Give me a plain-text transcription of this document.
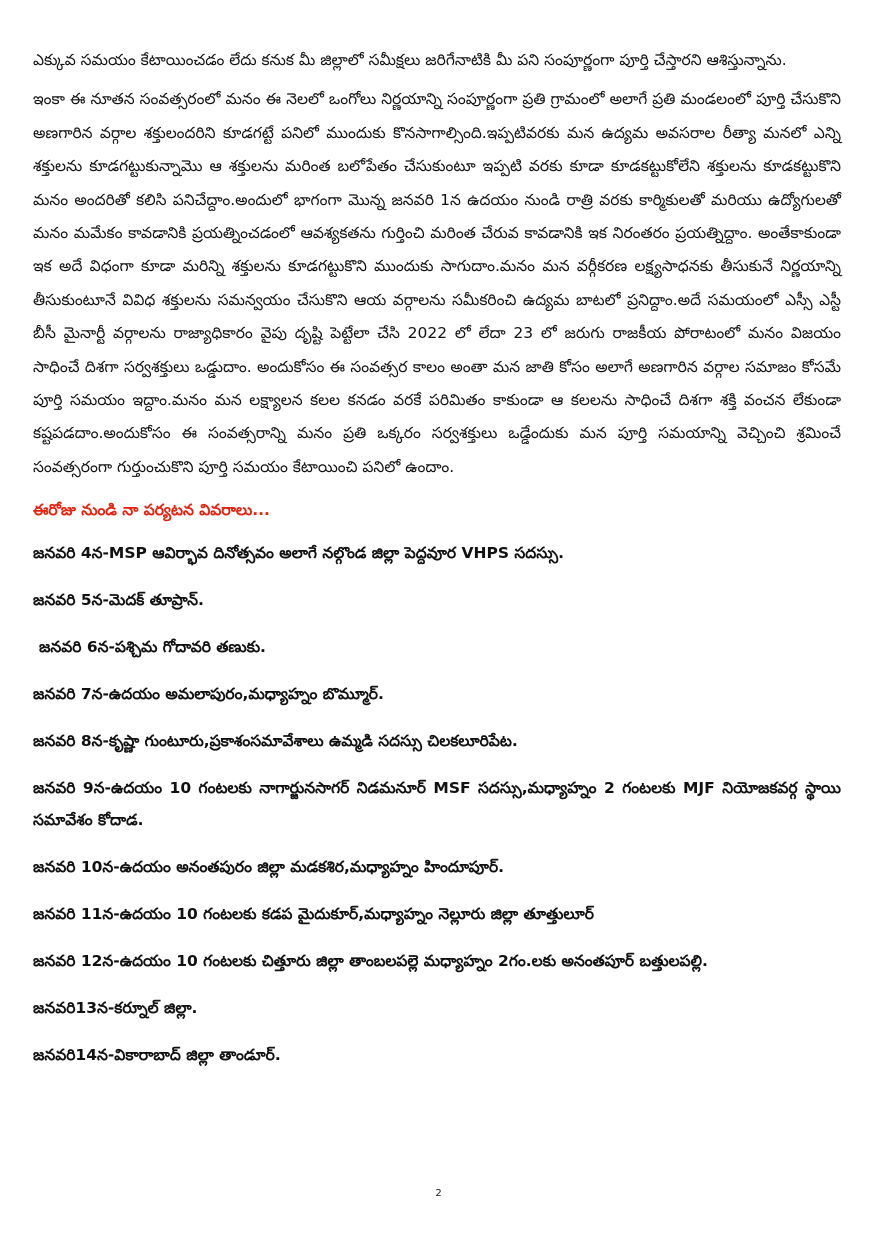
ఎక్కువ సమయం కేటాయించడం లేదు కనుక మీ జిల్లాలో సమీక్షలు జరిగేనాటికి మీ పని సంపూర్ణంగా పూర్తి చేస్తారని ఆశిస్తున్నాను.

ఇంకా ఈ నూతన సంవత్సరంలో మనం ఈ నెలలో ఒంగోలు నిర్ణయాన్ని సంపూర్ణంగా ప్రతి గ్రామంలో అలాగే ప్రతి మండలంలో పూర్తి చేసుకొని అణగారిన వర్గాల శక్తులందరిని కూడగట్టే పనిలో ముందుకు కొనసాగాల్సింది.ఇప్పటివరకు మన ఉద్యమ అవసరాల రీత్యా మనలో ఎన్ని శక్తులను కూడగట్టుకున్నామొ ఆ శక్తులను మరింత బలోపేతం చేసుకుంటూ ఇప్పటి వరకు కూడా కూడకట్టుకోలేని శక్తులను కూడకట్టుకొని మనం అందరితో కలిసి పనిచేద్దాం.అందులో భాగంగా మొన్న జనవరి 1న ఉదయం నుండి రాత్రి వరకు కార్మికులతో మరియు ఉద్యోగులతో మనం మమేకం కావడానికి ప్రయత్నించడంలో ఆవశ్యకతను గుర్తించి మరింత చేరువ కావడానికి ఇక నిరంతరం ప్రయత్నిద్దాం. అంతేకాకుండా ఇక అదే విధంగా కూడా మరిన్ని శక్తులను కూడగట్టుకొని ముందుకు సాగుదాం.మనం మన వర్గీకరణ లక్ష్యసాధనకు తీసుకునే నిర్ణయాన్ని తీసుకుంటూనే వివిధ శక్తులను సమన్వయం చేసుకొని ఆయ వర్గాలను సమీకరించి ఉద్యమ బాటలో ప్రనిద్దాం.అదే సమయంలో ఎస్సీ ఎస్టీ బీసీ మైనార్టీ వర్గాలను రాజ్యాధికారం వైపు దృష్టి పెట్టేలా చేసి 2022 లో లేదా 23 లో జరుగు రాజకీయ పోరాటంలో మనం విజయం సాధించే దిశగా సర్వశక్తులు ఒడ్డుదాం. అందుకోసం ఈ సంవత్సర కాలం అంతా మన జాతి కోసం అలాగే అణగారిన వర్గాల సమాజం కోసమే పూర్తి సమయం ఇద్దాం.మనం మన లక్ష్యాలన కలల కనడం వరకే పరిమితం కాకుండా ఆ కలలను సాధించే దిశగా శక్తి వంచన లేకుండా కష్టపడదాం.అందుకోసం ఈ సంవత్సరాన్ని మనం ప్రతి ఒక్కరం సర్వశక్తులు ఒడ్డేందుకు మన పూర్తి సమయాన్ని వెచ్చించి శ్రమించే సంవత్సరంగా గుర్తుంచుకొని పూర్తి సమయం కేటాయించి పనిలో ఉందాం.

ఈరోజు నుండి నా పర్యటన వివరాలు...
జనవరి 4న-MSP ఆవిర్భావ దినోత్సవం అలాగే నల్గొండ జిల్లా పెద్దవూర VHPS సదస్సు.
జనవరి 5న-మెదక్ తూప్రాన్.
జనవరి 6న-పశ్చిమ గోదావరి తణుకు.
జనవరి 7న-ఉదయం అమలాపురం,మధ్యాహ్నం బొమ్మూర్.
జనవరి 8న-కృష్ణా గుంటూరు,ప్రకాశంసమావేశాలు ఉమ్మడి సదస్సు చిలకలూరిపేట.
జనవరి 9న-ఉదయం 10 గంటలకు నాగార్జునసాగర్ నిడమనూర్ MSF సదస్సు,మధ్యాహ్నం 2 గంటలకు MJF నియోజకవర్గ స్థాయి సమావేశం కోదాడ.
జనవరి 10న-ఉదయం అనంతపురం జిల్లా మడకశిర,మధ్యాహ్నం హిందూపూర్.
జనవరి 11న-ఉదయం 10 గంటలకు కడప మైదుకూర్,మధ్యాహ్నం నెల్లూరు జిల్లా తూత్తులూర్
జనవరి 12న-ఉదయం 10 గంటలకు చిత్తూరు జిల్లా తాంబలపల్లె మధ్యాహ్నం 2గం.లకు అనంతపూర్ బత్తులపల్లి.
జనవరి13న-కర్నూల్ జిల్లా.
జనవరి14న-వికారాబాద్ జిల్లా తాండూర్.
2
